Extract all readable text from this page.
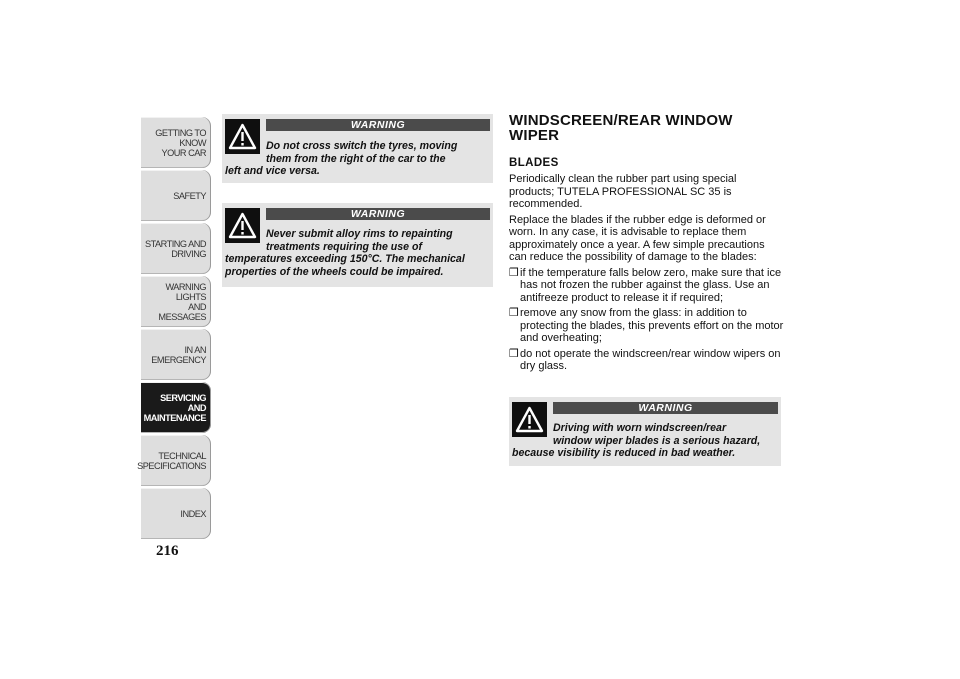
GETTING TO KNOW
YOUR CAR
SAFETY
STARTING AND
DRIVING
WARNING LIGHTS
AND MESSAGES
IN AN EMERGENCY
SERVICING AND
MAINTENANCE
TECHNICAL
SPECIFICATIONS
INDEX
216
WARNING
Do not cross switch the tyres, moving
them from the right of the car to the
left and vice versa.
WARNING
Never submit alloy rims to repainting
treatments requiring the use of
temperatures exceeding 150°C. The mechanical
properties of the wheels could be impaired.
WINDSCREEN/REAR WINDOW
WIPER
BLADES

Periodically clean the rubber part using special products; TUTELA PROFESSIONAL SC 35 is recommended.

Replace the blades if the rubber edge is deformed or worn. In any case, it is advisable to replace them approximately once a year. A few simple precautions can reduce the possibility of damage to the blades:

❒if the temperature falls below zero, make sure that ice has not frozen the rubber against the glass. Use an antifreeze product to release it if required;

❒remove any snow from the glass: in addition to protecting the blades, this prevents effort on the motor and overheating;

❒do not operate the windscreen/rear window wipers on dry glass.

WARNING
Driving with worn windscreen/rear
window wiper blades is a serious hazard,
because visibility is reduced in bad weather.
